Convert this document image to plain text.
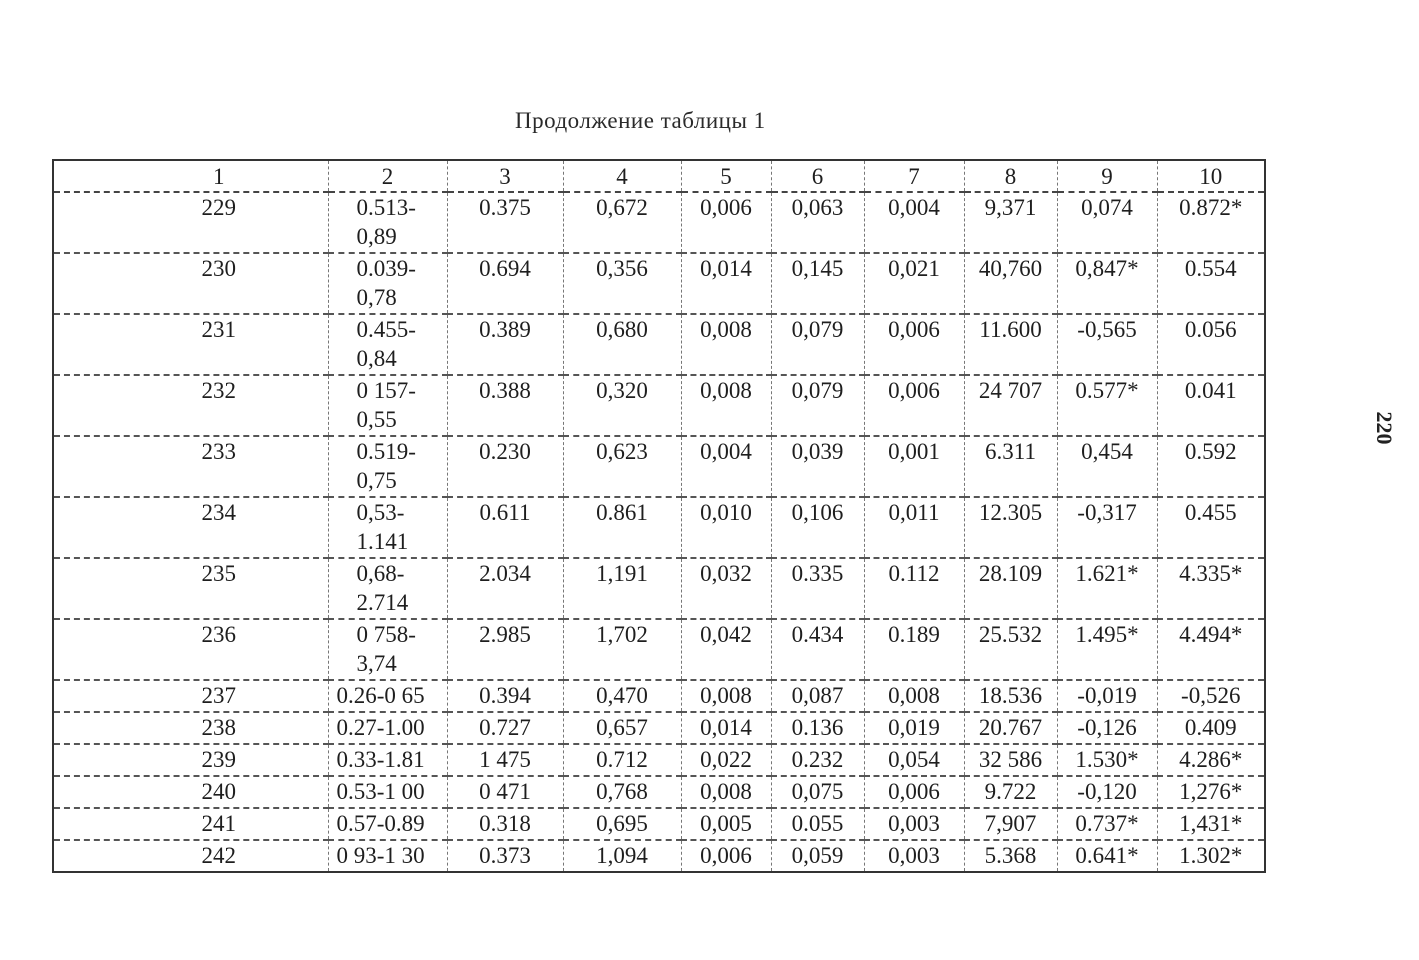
Продолжение таблицы 1
220
1	2	3	4	5	6	7	8	9	10
229	0.513-0,89	0.375	0,672	0,006	0,063	0,004	9,371	0,074	0.872*
230	0.039-0,78	0.694	0,356	0,014	0,145	0,021	40,760	0,847*	0.554
231	0.455-0,84	0.389	0,680	0,008	0,079	0,006	11.600	-0,565	0.056
232	0 157-0,55	0.388	0,320	0,008	0,079	0,006	24 707	0.577*	0.041
233	0.519-0,75	0.230	0,623	0,004	0,039	0,001	6.311	0,454	0.592
234	0,53-1.141	0.611	0.861	0,010	0,106	0,011	12.305	-0,317	0.455
235	0,68-2.714	2.034	1,191	0,032	0.335	0.112	28.109	1.621*	4.335*
236	0 758-3,74	2.985	1,702	0,042	0.434	0.189	25.532	1.495*	4.494*
237	0.26-0 65	0.394	0,470	0,008	0,087	0,008	18.536	-0,019	-0,526
238	0.27-1.00	0.727	0,657	0,014	0.136	0,019	20.767	-0,126	0.409
239	0.33-1.81	1 475	0.712	0,022	0.232	0,054	32 586	1.530*	4.286*
240	0.53-1 00	0 471	0,768	0,008	0,075	0,006	9.722	-0,120	1,276*
241	0.57-0.89	0.318	0,695	0,005	0.055	0,003	7,907	0.737*	1,431*
242	0 93-1 30	0.373	1,094	0,006	0,059	0,003	5.368	0.641*	1.302*
